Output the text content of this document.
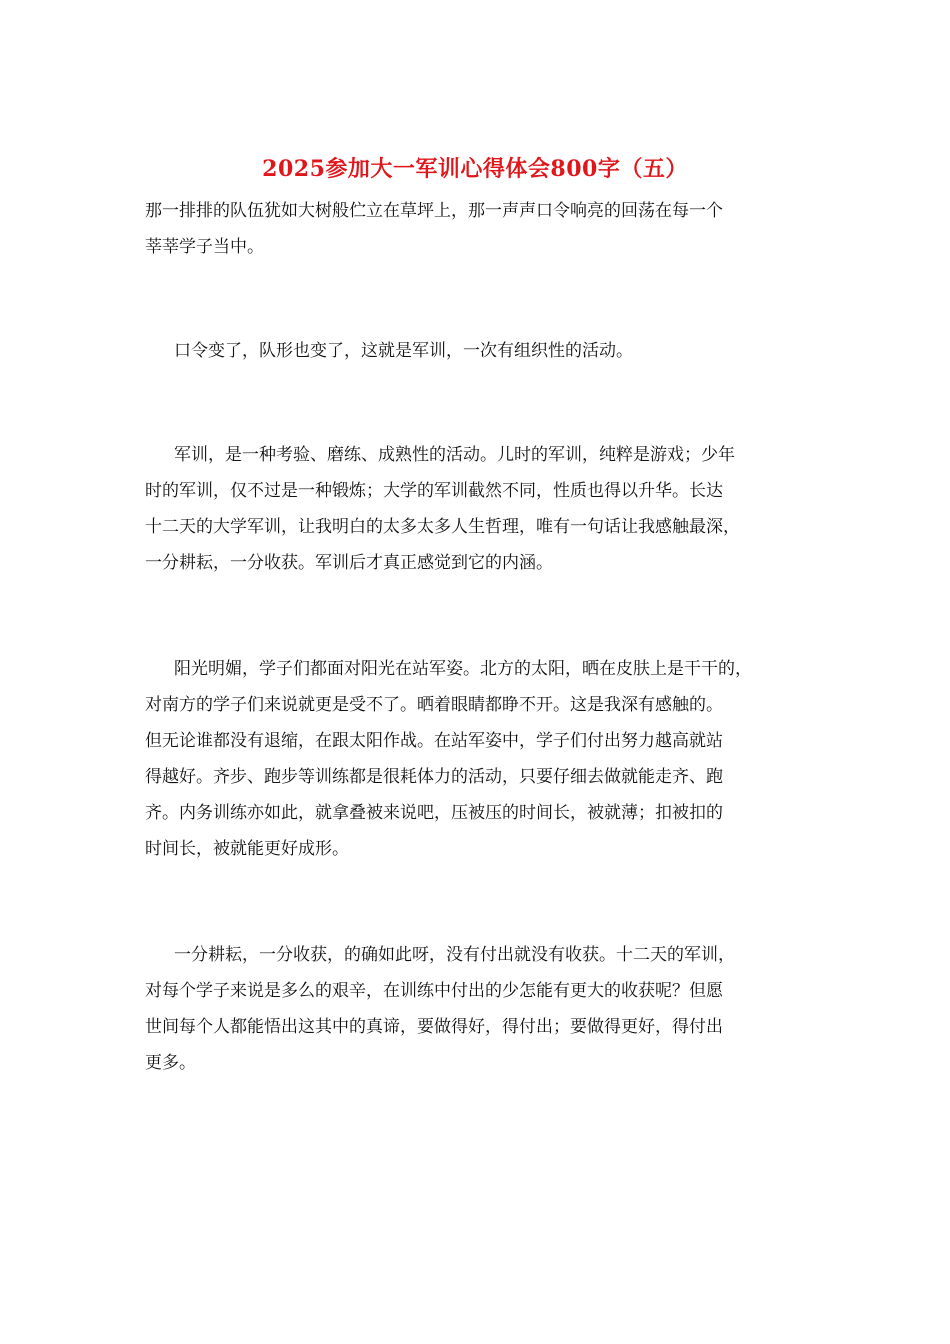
2025参加大一军训心得体会800字（五）

那一排排的队伍犹如大树般伫立在草坪上，那一声声口令响亮的回荡在每一个
莘莘学子当中。

口令变了，队形也变了，这就是军训，一次有组织性的活动。

军训，是一种考验、磨练、成熟性的活动。儿时的军训，纯粹是游戏；少年
时的军训，仅不过是一种锻炼；大学的军训截然不同，性质也得以升华。长达
十二天的大学军训，让我明白的太多太多人生哲理，唯有一句话让我感触最深，
一分耕耘，一分收获。军训后才真正感觉到它的内涵。

阳光明媚，学子们都面对阳光在站军姿。北方的太阳，晒在皮肤上是干干的，
对南方的学子们来说就更是受不了。晒着眼睛都睁不开。这是我深有感触的。
但无论谁都没有退缩，在跟太阳作战。在站军姿中，学子们付出努力越高就站
得越好。齐步、跑步等训练都是很耗体力的活动，只要仔细去做就能走齐、跑
齐。内务训练亦如此，就拿叠被来说吧，压被压的时间长，被就薄；扣被扣的
时间长，被就能更好成形。

一分耕耘，一分收获，的确如此呀，没有付出就没有收获。十二天的军训，
对每个学子来说是多么的艰辛，在训练中付出的少怎能有更大的收获呢？但愿
世间每个人都能悟出这其中的真谛，要做得好，得付出；要做得更好，得付出
更多。
